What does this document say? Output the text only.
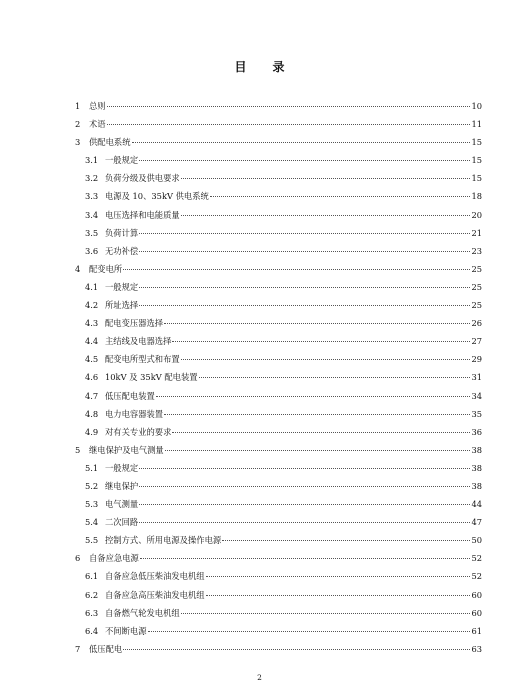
目 录
1	总则	10
2	术语	11
3	供配电系统	15
3.1 一般规定	15
3.2 负荷分级及供电要求	15
3.3 电源及 10、35kV 供电系统	18
3.4 电压选择和电能质量	20
3.5 负荷计算	21
3.6 无功补偿	23
4	配变电所	25
4.1 一般规定	25
4.2 所址选择	25
4.3 配电变压器选择	26
4.4 主结线及电器选择	27
4.5 配变电所型式和布置	29
4.6 10kV 及 35kV 配电装置	31
4.7 低压配电装置	34
4.8 电力电容器装置	35
4.9 对有关专业的要求	36
5	继电保护及电气测量	38
5.1 一般规定	38
5.2 继电保护	38
5.3 电气测量	44
5.4 二次回路	47
5.5 控制方式、所用电源及操作电源	50
6	自备应急电源	52
6.1 自备应急低压柴油发电机组	52
6.2 自备应急高压柴油发电机组	60
6.3 自备燃气轮发电机组	60
6.4 不间断电源	61
7	低压配电	63
2
